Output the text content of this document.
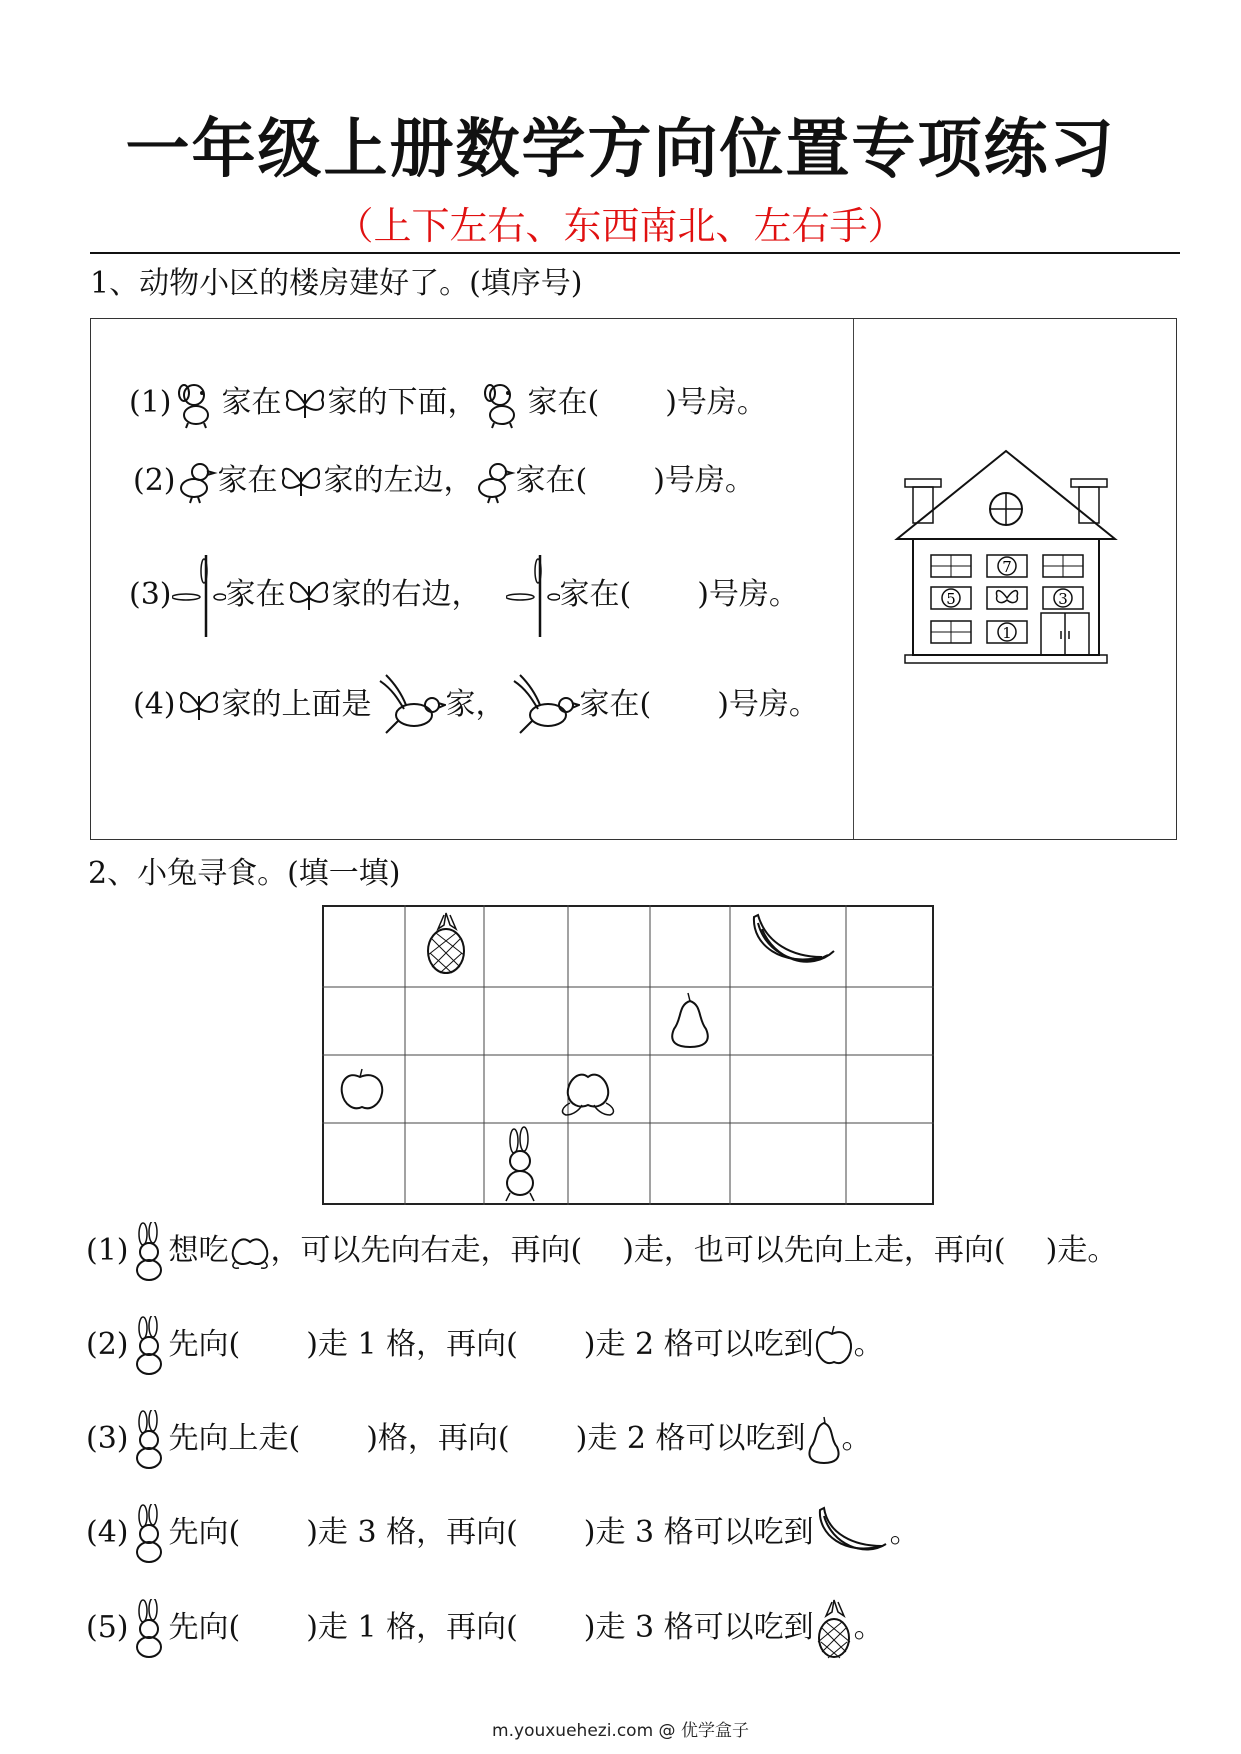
一年级上册数学方向位置专项练习
（上下左右、东西南北、左右手）
1、动物小区的楼房建好了。(填序号)
(1) 家在 家的下面， 家在( )号房。
(2) 家在 家的左边， 家在( )号房。
(3) 家在 家的右边，	家在( )号房。
(4) 家的上面是 家， 家在( )号房。
7
5	3
1
2、小兔寻食。(填一填)
(1) 想吃 ，可以先向右走，再向( )走，也可以先向上走，再向( )走。
(2) 先向( )走 1 格，再向( )走 2 格可以吃到 。
(3) 先向上走( )格，再向( )走 2 格可以吃到 。
(4) 先向( )走 3 格，再向( )走 3 格可以吃到	。
(5) 先向( )走 1 格，再向( )走 3 格可以吃到 。
m.youxuehezi.com @ 优学盒子
